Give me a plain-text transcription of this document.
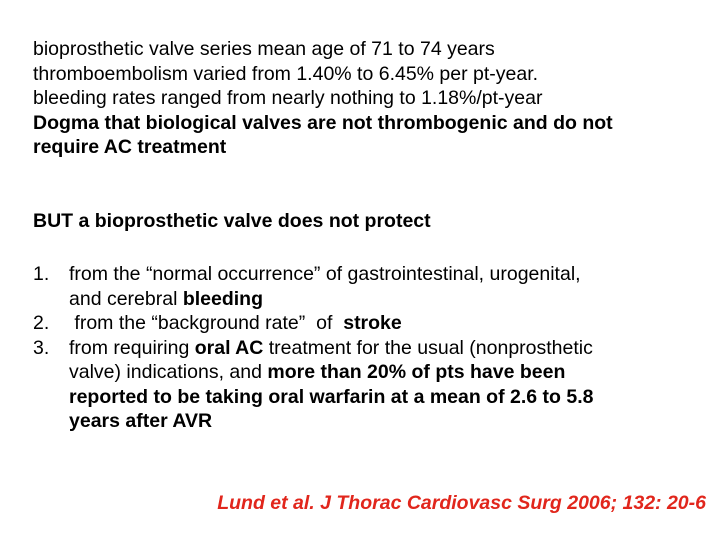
bioprosthetic valve series mean age of 71 to 74 years
thromboembolism varied from 1.40% to 6.45% per pt-year.
bleeding rates ranged from nearly nothing to 1.18%/pt-year
Dogma that biological valves are not thrombogenic and do not
require AC treatment
BUT a bioprosthetic valve does not protect
1. from the “normal occurrence” of gastrointestinal, urogenital,
and cerebral bleeding
2. from the “background rate”  of  stroke
3. from requiring oral AC treatment for the usual (nonprosthetic
valve) indications, and more than 20% of pts have been
reported to be taking oral warfarin at a mean of 2.6 to 5.8
years after AVR
Lund et al. J Thorac Cardiovasc Surg 2006; 132: 20-6
